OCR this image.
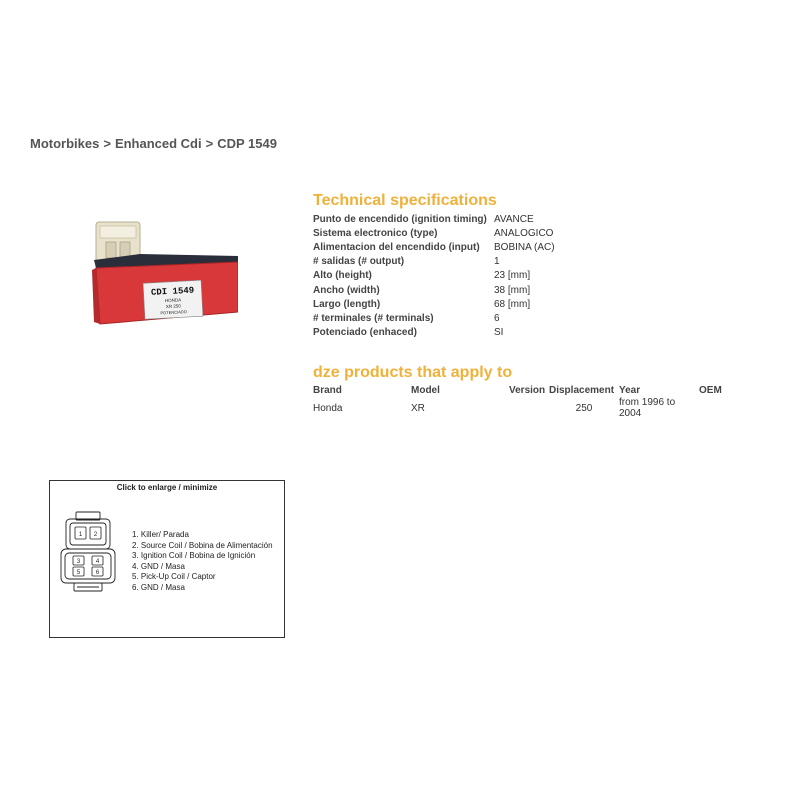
Motorbikes > Enhanced Cdi > CDP 1549
CDI 1549
HONDA
XR 250
POTENCIADO
Technical specifications
Punto de encendido (ignition timing)	AVANCE
Sistema electronico (type)	ANALOGICO
Alimentacion del encendido (input)	BOBINA (AC)
# salidas (# output)	1
Alto (height)	23 [mm]
Ancho (width)	38 [mm]
Largo (length)	68 [mm]
# terminales (# terminals)	6
Potenciado (enhaced)	SI
dze products that apply to
Brand	Model	Version	Displacement	Year	OEM
Honda	XR		250	from 1996 to 2004	
Click to enlarge / minimize
1 2
3	4
5	6
1. Killer/ Parada
2. Source Coil / Bobina de Alimentación
3. Ignition Coil / Bobina de Ignición
4. GND / Masa
5. Pick-Up Coil / Captor
6. GND / Masa
